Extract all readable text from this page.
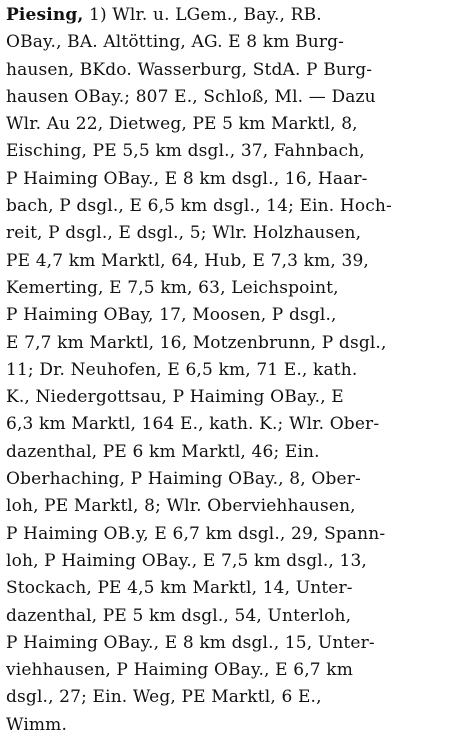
Piesing, 1) Wlr. u. LGem., Bay., RB.
OBay., BA. Altötting, AG. E 8 km Burg-
hausen, BKdo. Wasserburg, StdA. P Burg-
hausen OBay.; 807 E., Schloß, Ml. — Dazu
Wlr. Au 22, Dietweg, PE 5 km Marktl, 8,
Eisching, PE 5,5 km dsgl., 37, Fahnbach,
P Haiming OBay., E 8 km dsgl., 16, Haar-
bach, P dsgl., E 6,5 km dsgl., 14; Ein. Hoch-
reit, P dsgl., E dsgl., 5; Wlr. Holzhausen,
PE 4,7 km Marktl, 64, Hub, E 7,3 km, 39,
Kemerting, E 7,5 km, 63, Leichspoint,
P Haiming OBay, 17, Moosen, P dsgl.,
E 7,7 km Marktl, 16, Motzenbrunn, P dsgl.,
11; Dr. Neuhofen, E 6,5 km, 71 E., kath.
K., Niedergottsau, P Haiming OBay., E
6,3 km Marktl, 164 E., kath. K.; Wlr. Ober-
dazenthal, PE 6 km Marktl, 46; Ein.
Oberhaching, P Haiming OBay., 8, Ober-
loh, PE Marktl, 8; Wlr. Oberviehhausen,
P Haiming OB.y, E 6,7 km dsgl., 29, Spann-
loh, P Haiming OBay., E 7,5 km dsgl., 13,
Stockach, PE 4,5 km Marktl, 14, Unter-
dazenthal, PE 5 km dsgl., 54, Unterloh,
P Haiming OBay., E 8 km dsgl., 15, Unter-
viehhausen, P Haiming OBay., E 6,7 km
dsgl., 27; Ein. Weg, PE Marktl, 6 E.,
Wimm.
